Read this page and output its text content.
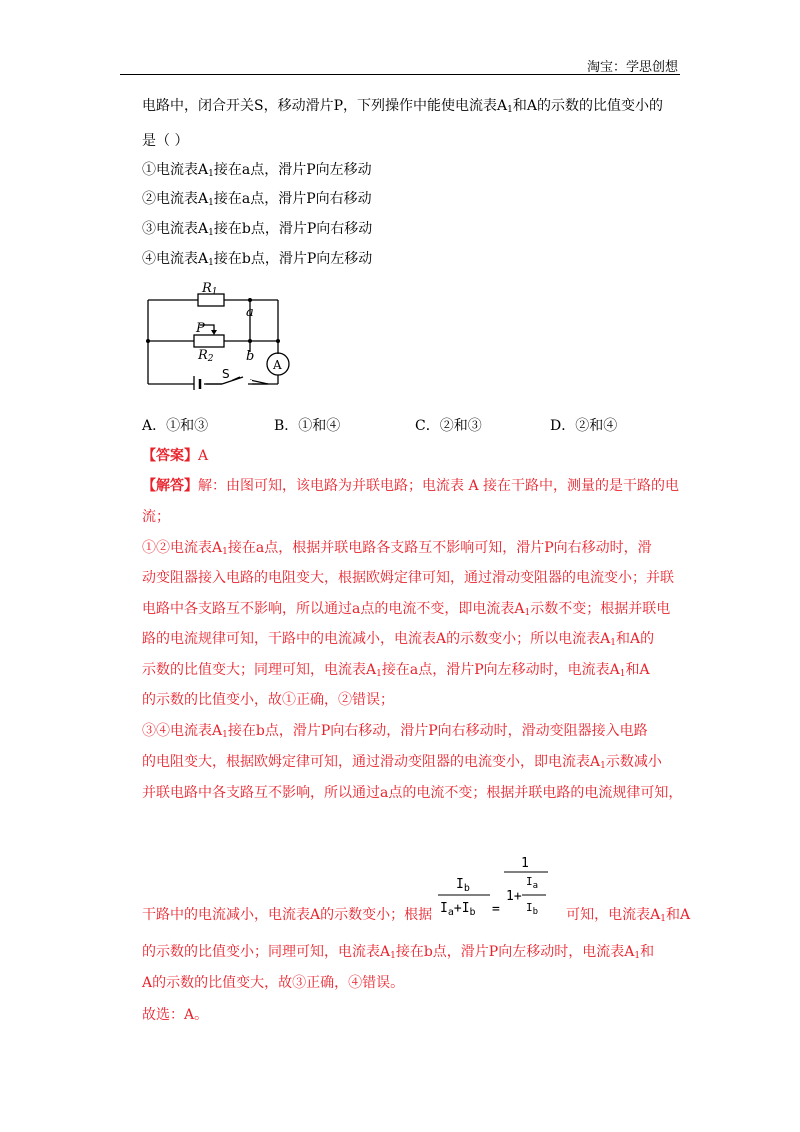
淘宝：学思创想
电路中，闭合开关S，移动滑片P，下列操作中能使电流表$A_1$和A的示数的比值变小的
是（ ）
①电流表$A_1$接在a点，滑片P向左移动
②电流表$A_1$接在a点，滑片P向右移动
③电流表$A_1$接在b点，滑片P向右移动
④电流表$A_1$接在b点，滑片P向左移动
R1
R2
P
a
b
S
A
A．①和③	B．①和④	C．②和③	D．②和④
【答案】A
【解答】解：由图可知，该电路为并联电路；电流表 A 接在干路中，测量的是干路的电
流；
①②电流表$A_1$接在a点，根据并联电路各支路互不影响可知，滑片P向右移动时，滑
动变阻器接入电路的电阻变大，根据欧姆定律可知，通过滑动变阻器的电流变小；并联
电路中各支路互不影响，所以通过a点的电流不变，即电流表$A_1$示数不变；根据并联电
路的电流规律可知，干路中的电流减小，电流表A的示数变小；所以电流表$A_1$和A的
示数的比值变大；同理可知，电流表$A_1$接在a点，滑片P向左移动时，电流表$A_1$和A
的示数的比值变小，故①正确，②错误；
③④电流表$A_1$接在b点，滑片P向右移动，滑片P向右移动时，滑动变阻器接入电路
的电阻变大，根据欧姆定律可知，通过滑动变阻器的电流变小，即电流表$A_1$示数减小
并联电路中各支路互不影响，所以通过a点的电流不变；根据并联电路的电流规律可知，
$I_b$
$I_a+I_b$ =
1
1+
$I_a$
$I_b$
干路中的电流减小，电流表A的示数变小；根据	可知，电流表$A_1$和A
的示数的比值变小；同理可知，电流表$A_1$接在b点，滑片P向左移动时，电流表$A_1$和
A的示数的比值变大，故③正确，④错误。
故选：A。
